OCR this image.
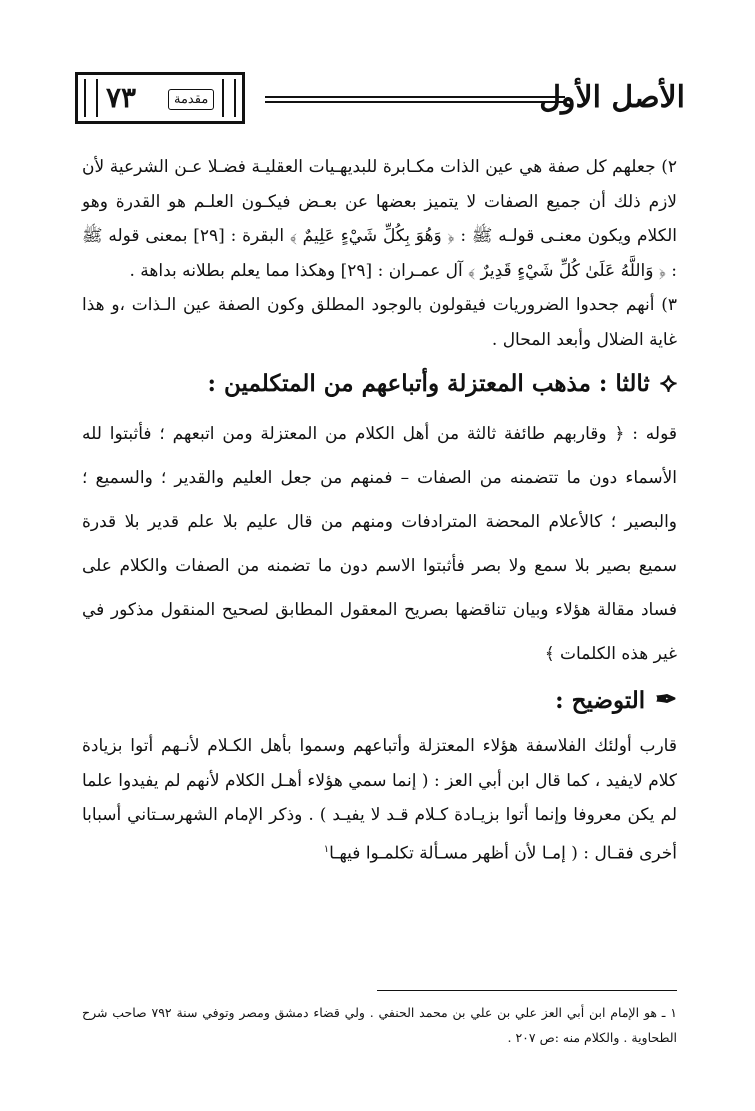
٧٣	مقدمة	الأصل الأول

٢) جعلهم كل صفة هي عين الذات مكـابرة للبديهـيات العقليـة فضـلا عـن الشرعية لأن لازم ذلك أن جميع الصفات لا يتميز بعضها عن بعـض فيكـون العلـم هو القدرة وهو الكلام ويكون معنـى قولـه ﷺ : ﴿ وَهُوَ بِكُلِّ شَيْءٍ عَلِيمٌ ﴾ البقرة : [٢٩] بمعنى قوله ﷺ : ﴿ وَاللَّهُ عَلَىٰ كُلِّ شَيْءٍ قَدِيرٌ ﴾ آل عمـران : [٢٩] وهكذا مما يعلم بطلانه بداهة .

٣) أنهم جحدوا الضروريات فيقولون بالوجود المطلق وكون الصفة عين الـذات ،و هذا غاية الضلال وأبعد المحال .

⟡ثالثا : مذهب المعتزلة وأتباعهم من المتكلمين :

قوله : ﴿ وقاربهم طائفة ثالثة من أهل الكلام من المعتزلة ومن اتبعهم ؛ فأثبتوا لله الأسماء دون ما تتضمنه من الصفات – فمنهم من جعل العليم والقدير ؛ والسميع ؛ والبصير ؛ كالأعلام المحضة المترادفات ومنهم من قال عليم بلا علم قدير بلا قدرة سميع بصير بلا سمع ولا بصر فأثبتوا الاسم دون ما تضمنه من الصفات والكلام على فساد مقالة هؤلاء وبيان تناقضها بصريح المعقول المطابق لصحيح المنقول مذكور في غير هذه الكلمات ﴾

✒التوضيح :

قارب أولئك الفلاسفة هؤلاء المعتزلة وأتباعهم وسموا بأهل الكـلام لأنـهم أتوا بزيادة كلام لايفيد ، كما قال ابن أبي العز : ( إنما سمي هؤلاء أهـل الكلام لأنهم لم يفيدوا علما لم يكن معروفا وإنما أتوا بزيـادة كـلام قـد لا يفيـد ) . وذكر الإمام الشهرسـتاني أسبابا أخرى فقـال : ( إمـا لأن أظهر مسـألة تكلمـوا فيهـا$^١$

١ ـ هو الإمام ابن أبي العز علي بن علي بن محمد الحنفي . ولي قضاء دمشق ومصر وتوفي سنة ٧٩٢ صاحب شرح الطحاوية . والكلام منه :ص ٢٠٧ .
